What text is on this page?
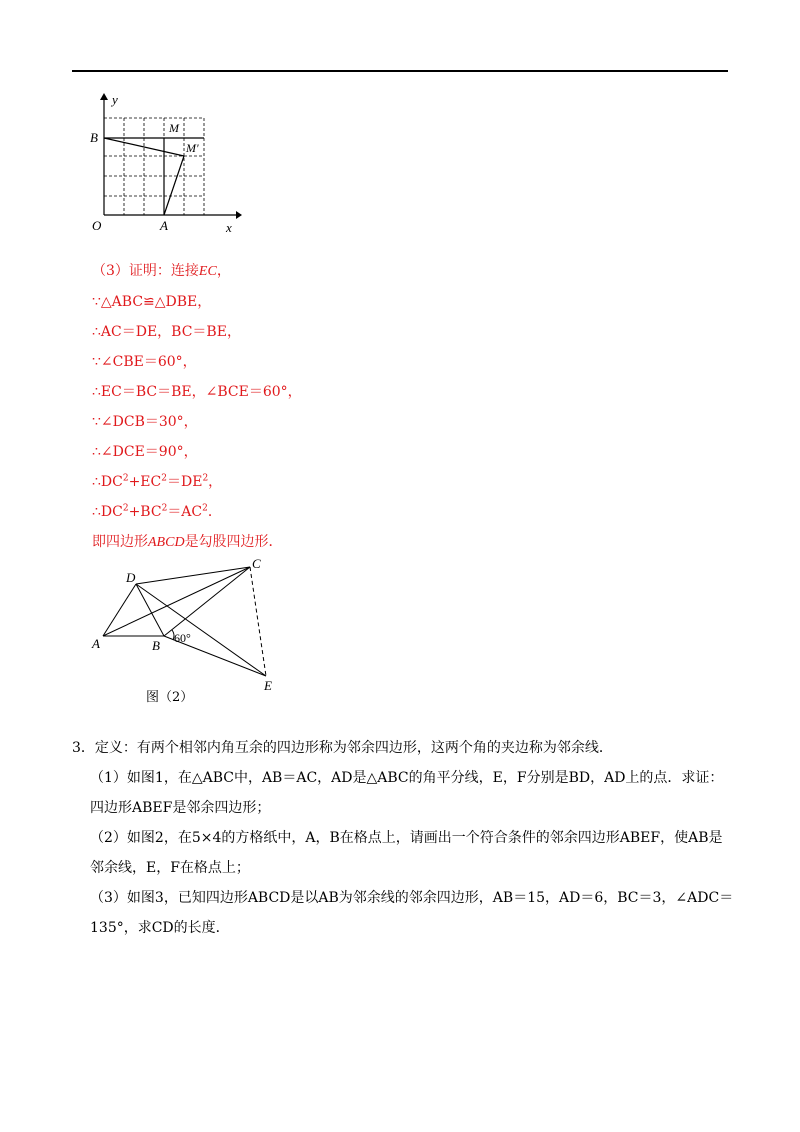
y
x
B
O	A
M
M'
（3）证明：连接EC，
∵△ABC≌△DBE，
∴AC＝DE，BC＝BE，
∵∠CBE＝60°，
∴EC＝BC＝BE，∠BCE＝60°，
∵∠DCB＝30°，
∴∠DCE＝90°，
$\therefore DC^2+EC^2=DE^2$，
$\therefore DC^2+BC^2=AC^2$．
即四边形ABCD是勾股四边形．
D
C
A	B
E
60°
图（2）
3．定义：有两个相邻内角互余的四边形称为邻余四边形，这两个角的夹边称为邻余线．
（1）如图1，在△ABC中，AB＝AC，AD是△ABC的角平分线，E，F分别是BD，AD上的点．求证：
四边形ABEF是邻余四边形；
（2）如图2，在5×4的方格纸中，A，B在格点上，请画出一个符合条件的邻余四边形ABEF，使AB是
邻余线，E，F在格点上；
（3）如图3，已知四边形ABCD是以AB为邻余线的邻余四边形，AB＝15，AD＝6，BC＝3，∠ADC＝
135°，求CD的长度．
